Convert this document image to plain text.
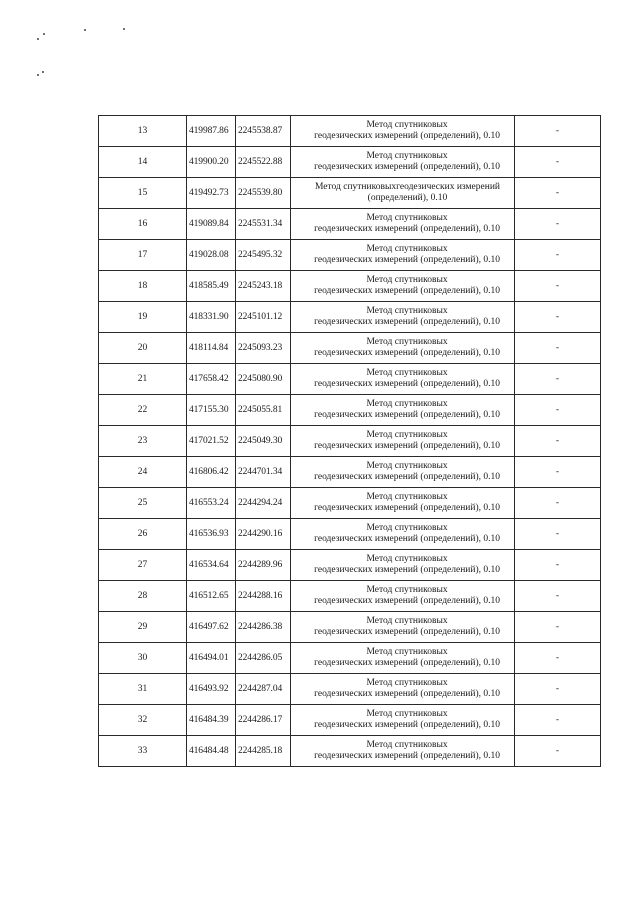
13	419987.86	2245538.87	Метод спутниковых
геодезических измерений (определений), 0.10	-
14	419900.20	2245522.88	Метод спутниковых
геодезических измерений (определений), 0.10	-
15	419492.73	2245539.80	Метод спутниковыхгеодезических измерений
(определений), 0.10	-
16	419089.84	2245531.34	Метод спутниковых
геодезических измерений (определений), 0.10	-
17	419028.08	2245495.32	Метод спутниковых
геодезических измерений (определений), 0.10	-
18	418585.49	2245243.18	Метод спутниковых
геодезических измерений (определений), 0.10	-
19	418331.90	2245101.12	Метод спутниковых
геодезических измерений (определений), 0.10	-
20	418114.84	2245093.23	Метод спутниковых
геодезических измерений (определений), 0.10	-
21	417658.42	2245080.90	Метод спутниковых
геодезических измерений (определений), 0.10	-
22	417155.30	2245055.81	Метод спутниковых
геодезических измерений (определений), 0.10	-
23	417021.52	2245049.30	Метод спутниковых
геодезических измерений (определений), 0.10	-
24	416806.42	2244701.34	Метод спутниковых
геодезических измерений (определений), 0.10	-
25	416553.24	2244294.24	Метод спутниковых
геодезических измерений (определений), 0.10	-
26	416536.93	2244290.16	Метод спутниковых
геодезических измерений (определений), 0.10	-
27	416534.64	2244289.96	Метод спутниковых
геодезических измерений (определений), 0.10	-
28	416512.65	2244288.16	Метод спутниковых
геодезических измерений (определений), 0.10	-
29	416497.62	2244286.38	Метод спутниковых
геодезических измерений (определений), 0.10	-
30	416494.01	2244286.05	Метод спутниковых
геодезических измерений (определений), 0.10	-
31	416493.92	2244287.04	Метод спутниковых
геодезических измерений (определений), 0.10	-
32	416484.39	2244286.17	Метод спутниковых
геодезических измерений (определений), 0.10	-
33	416484.48	2244285.18	Метод спутниковых
геодезических измерений (определений), 0.10	-
